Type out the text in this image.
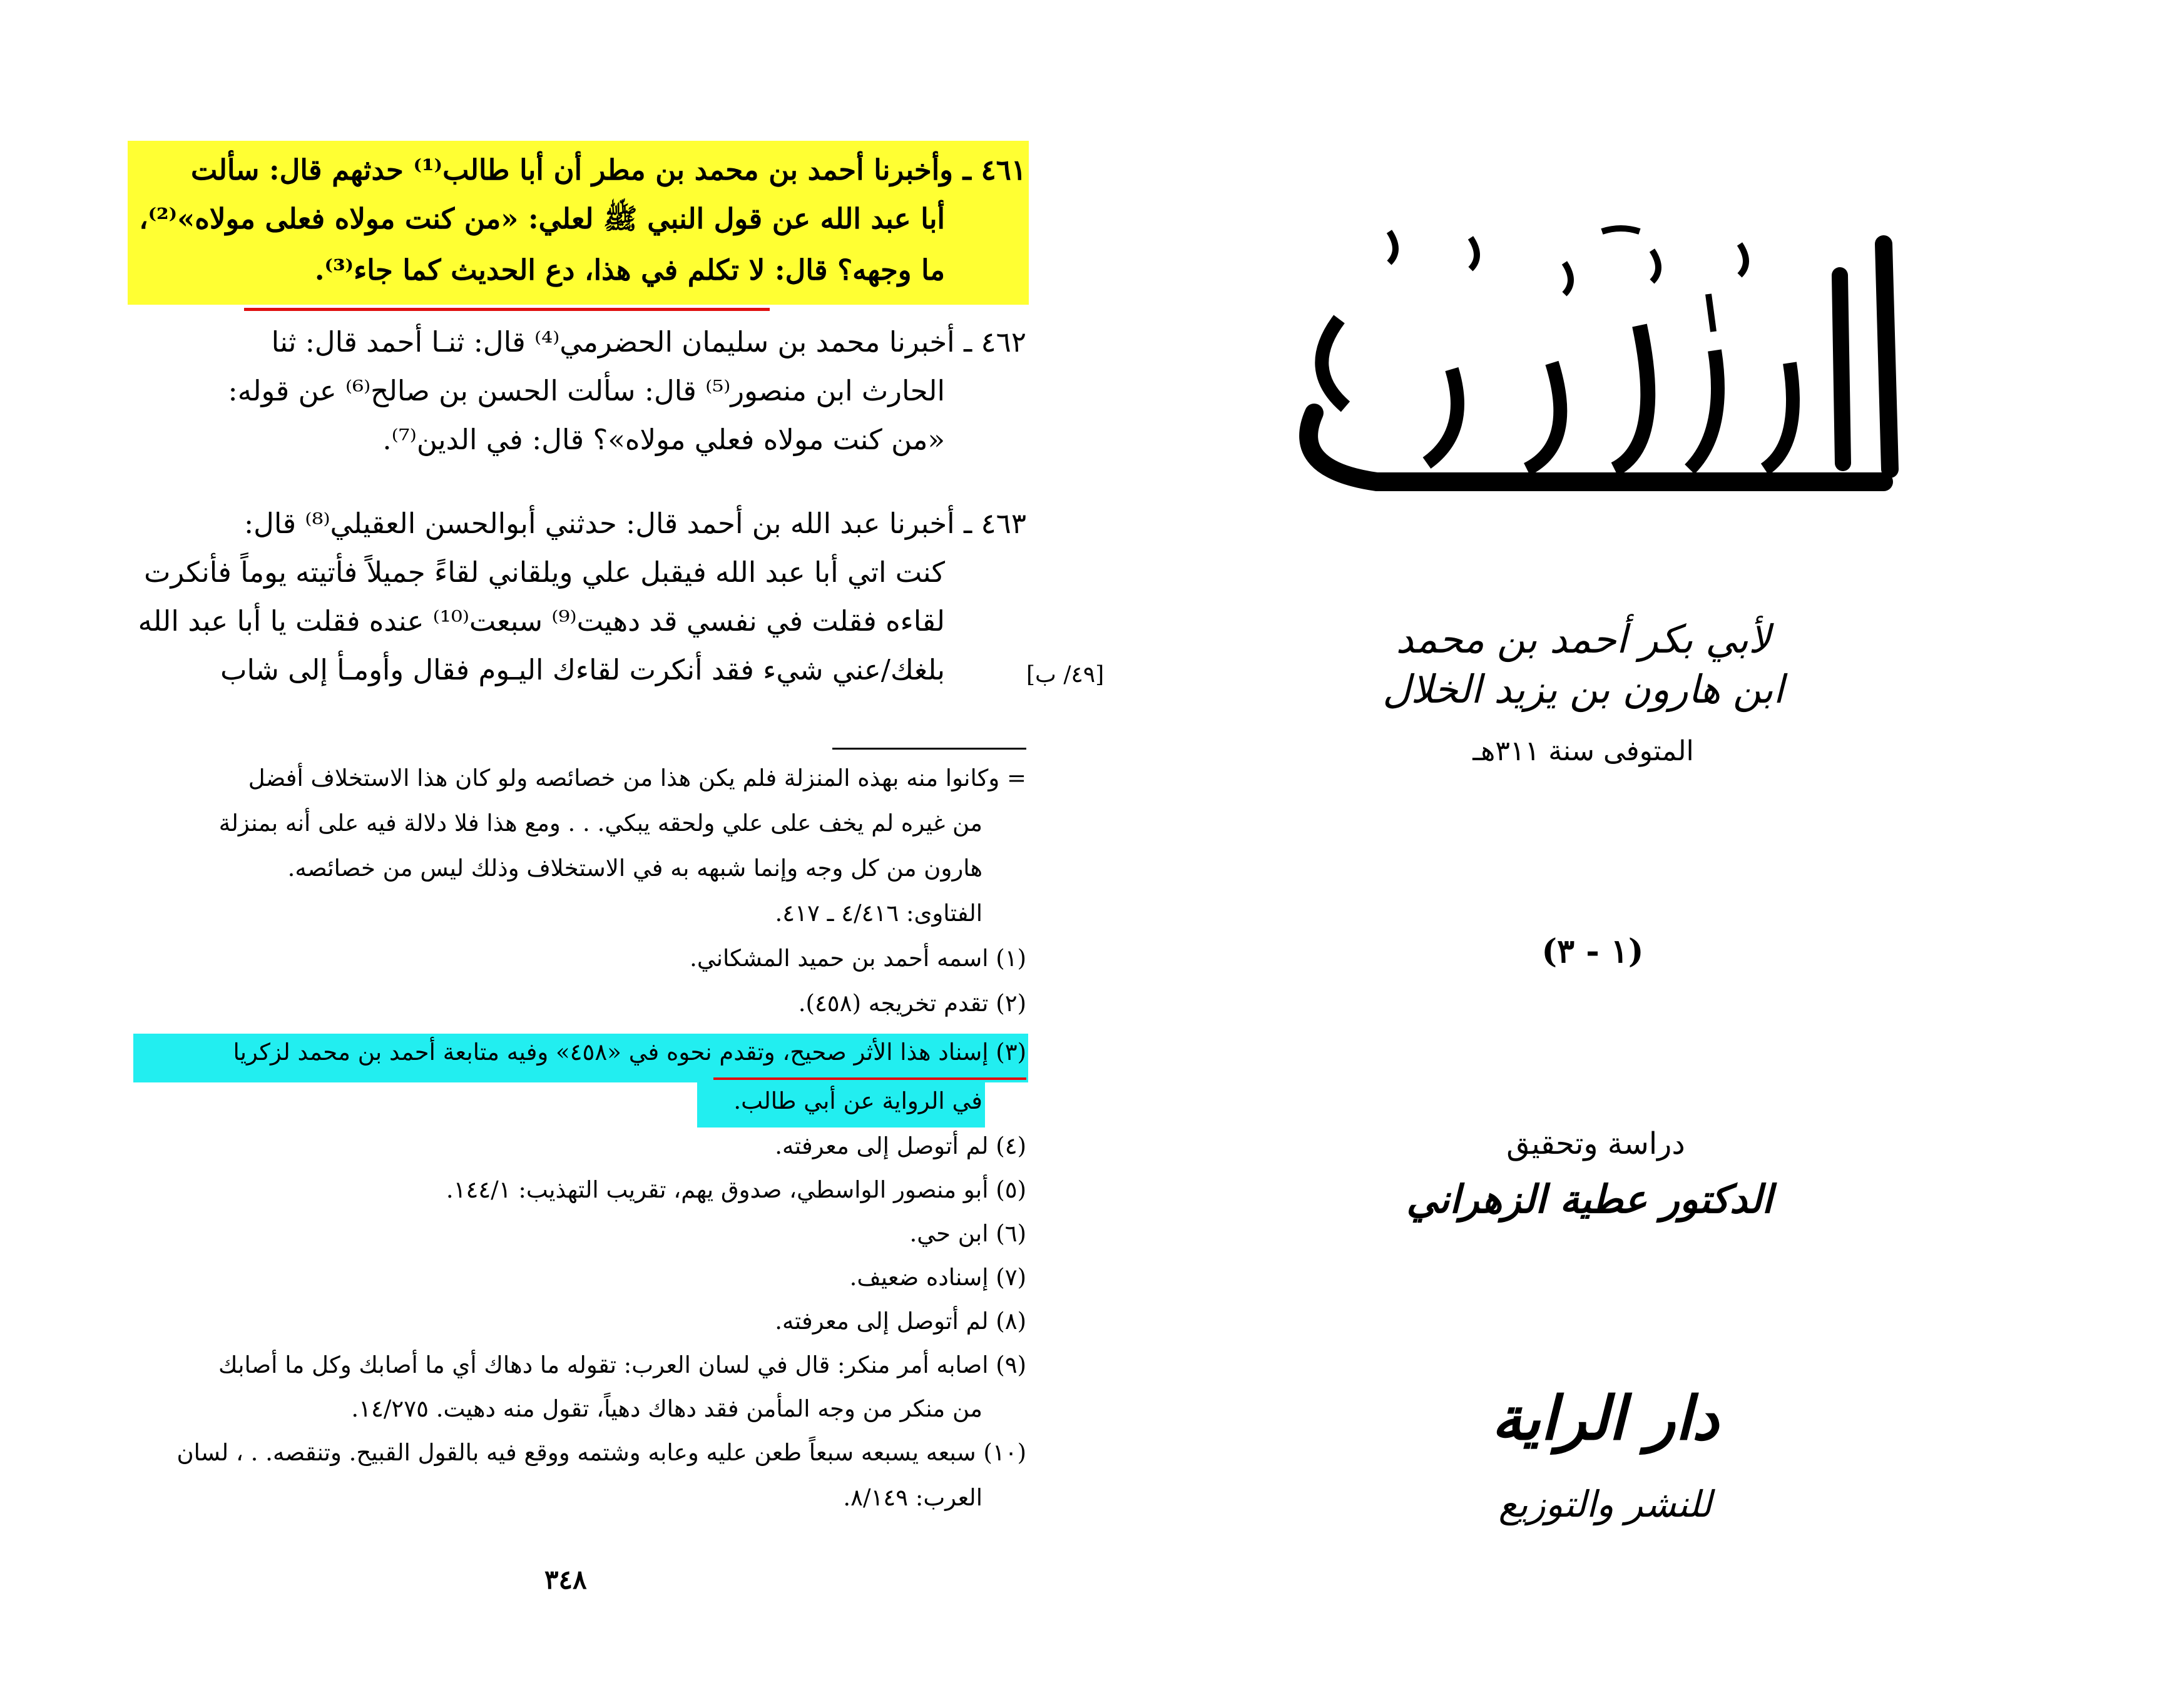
٤٦١ ـ وأخبرنا أحمد بن محمد بن مطر أن أبا طالب⁽¹⁾ حدثهم قال: سألت
أبا عبد الله عن قول النبي ﷺ لعلي: «من كنت مولاه فعلى مولاه»⁽²⁾،
ما وجهه؟ قال: لا تكلم في هذا، دع الحديث كما جاء⁽³⁾.
٤٦٢ ـ أخبرنا محمد بن سليمان الحضرمي⁽⁴⁾ قال: ثنـا أحمد قال: ثنا
الحارث ابن منصور⁽⁵⁾ قال: سألت الحسن بن صالح⁽⁶⁾ عن قوله:
«من كنت مولاه فعلي مولاه»؟ قال: في الدين⁽⁷⁾.
٤٦٣ ـ أخبرنا عبد الله بن أحمد قال: حدثني أبوالحسن العقيلي⁽⁸⁾ قال:
كنت اتي أبا عبد الله فيقبل علي ويلقاني لقاءً جميلاً فأتيته يوماً فأنكرت
لقاءه فقلت في نفسي قد دهيت⁽⁹⁾ سبعت⁽¹⁰⁾ عنده فقلت يا أبا عبد الله
بلغك/عني شيء فقد أنكرت لقاءك اليـوم فقال وأومـأ إلى شاب	[٤٩/ ب]
= وكانوا منه بهذه المنزلة فلم يكن هذا من خصائصه ولو كان هذا الاستخلاف أفضل
من غيره لم يخف على علي ولحقه يبكي. . . ومع هذا فلا دلالة فيه على أنه بمنزلة
هارون من كل وجه وإنما شبهه به في الاستخلاف وذلك ليس من خصائصه.
الفتاوى: ٤/٤١٦ ـ ٤١٧.
(١) اسمه أحمد بن حميد المشكاني.
(٢) تقدم تخريجه (٤٥٨).
(٣) إسناد هذا الأثر صحيح، وتقدم نحوه في «٤٥٨» وفيه متابعة أحمد بن محمد لزكريا
في الرواية عن أبي طالب.
(٤) لم أتوصل إلى معرفته.
(٥) أبو منصور الواسطي، صدوق يهم، تقريب التهذيب: ١٤٤/١.
(٦) ابن حي.
(٧) إسناده ضعيف.
(٨) لم أتوصل إلى معرفته.
(٩) اصابه أمر منكر: قال في لسان العرب: تقوله ما دهاك أي ما أصابك وكل ما أصابك
من منكر من وجه المأمن فقد دهاك دهياً، تقول منه دهيت. ١٤/٢٧٥.
(١٠) سبعه يسبعه سبعاً طعن عليه وعابه وشتمه ووقع فيه بالقول القبيح. وتنقصه. . ، لسان
العرب: ٨/١٤٩.
٣٤٨
لأبي بكر أحمد بن محمد
ابن هارون بن يزيد الخلال
المتوفى سنة ٣١١هـ
(١ - ٣)
دراسة وتحقيق
الدكتور عطية الزهراني
دار الراية
للنشر والتوزيع
